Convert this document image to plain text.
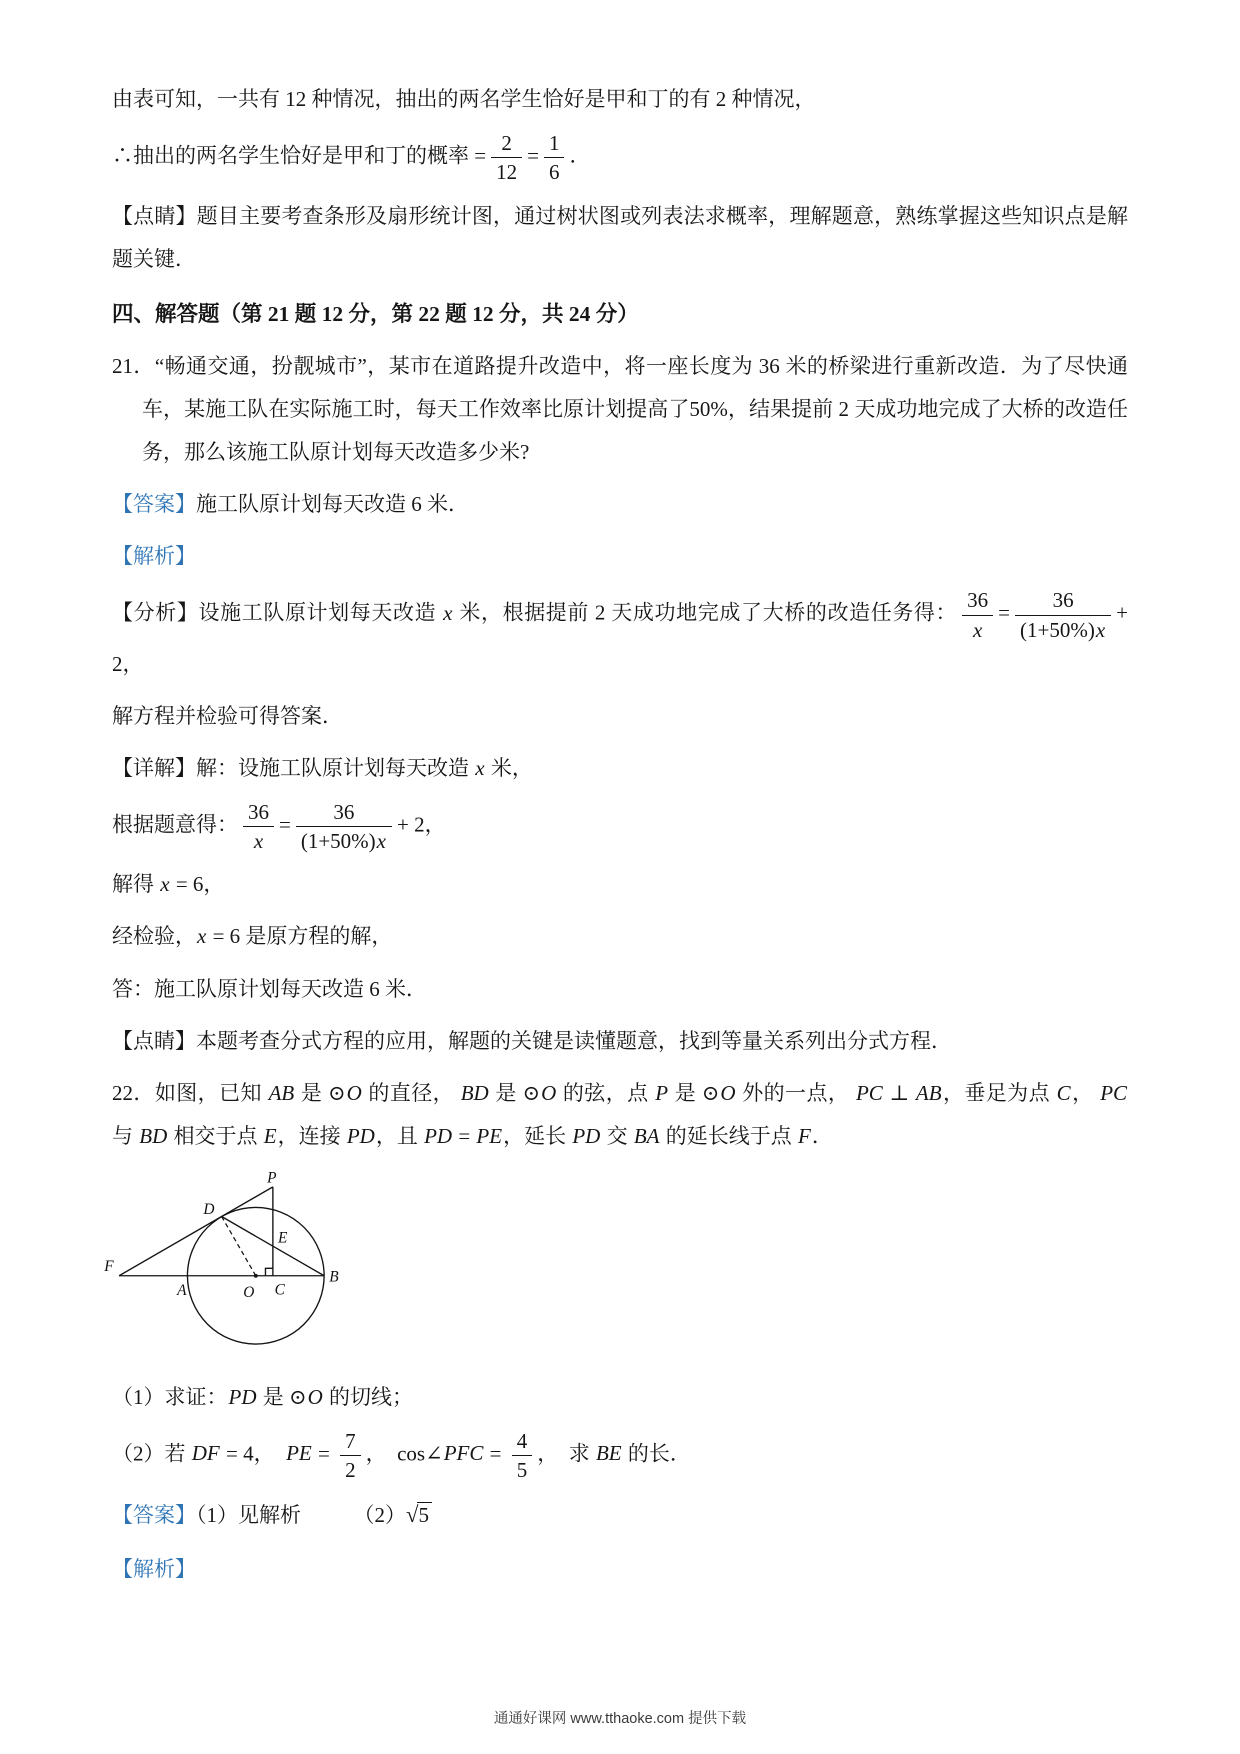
由表可知，一共有 12 种情况，抽出的两名学生恰好是甲和丁的有 2 种情况，

∴抽出的两名学生恰好是甲和丁的概率 = $\frac{2}{12} = \frac{1}{6}$ ．

【点睛】题目主要考查条形及扇形统计图，通过树状图或列表法求概率，理解题意，熟练掌握这些知识点是解题关键．

四、解答题（第 21 题 12 分，第 22 题 12 分，共 24 分）

21．“畅通交通，扮靓城市”，某市在道路提升改造中，将一座长度为 36 米的桥梁进行重新改造．为了尽快通车，某施工队在实际施工时，每天工作效率比原计划提高了50%，结果提前 2 天成功地完成了大桥的改造任务，那么该施工队原计划每天改造多少米?

【答案】施工队原计划每天改造 6 米．

【解析】

【分析】设施工队原计划每天改造 x 米，根据提前 2 天成功地完成了大桥的改造任务得： $\frac{36}{x} = \frac{36}{(1+50\%)x} + 2$，

解方程并检验可得答案．

【详解】解：设施工队原计划每天改造 x 米，

根据题意得： $\frac{36}{x} = \frac{36}{(1+50\%)x} + 2$，

解得 x = 6，

经检验，x = 6 是原方程的解，

答：施工队原计划每天改造 6 米．

【点睛】本题考查分式方程的应用，解题的关键是读懂题意，找到等量关系列出分式方程．

22．如图，已知 AB 是 ⊙O 的直径， BD 是 ⊙O 的弦，点 P 是 ⊙O 外的一点， PC ⊥ AB，垂足为点 C， PC 与 BD 相交于点 E，连接 PD，且 PD = PE，延长 PD 交 BA 的延长线于点 F．

P
D
E
F
A	O C
B

（1）求证：PD 是 ⊙O 的切线；

（2）若 DF = 4，　PE = $\frac{7}{2}$ ，　cos∠PFC = $\frac{4}{5}$ ，　求 BE 的长．

【答案】（1）见解析　　　（2）√5

【解析】

通通好课网 www.tthaoke.com 提供下载
